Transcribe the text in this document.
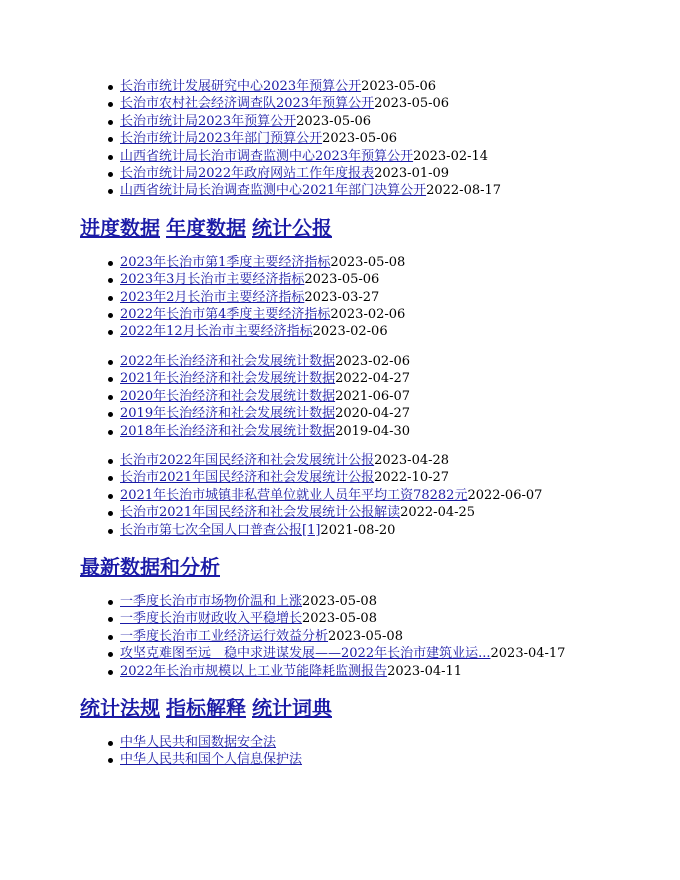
长治市统计发展研究中心2023年预算公开2023-05-06
长治市农村社会经济调查队2023年预算公开2023-05-06
长治市统计局2023年预算公开2023-05-06
长治市统计局2023年部门预算公开2023-05-06
山西省统计局长治市调查监测中心2023年预算公开2023-02-14
长治市统计局2022年政府网站工作年度报表2023-01-09
山西省统计局长治调查监测中心2021年部门决算公开2022-08-17
进度数据 年度数据 统计公报
2023年长治市第1季度主要经济指标2023-05-08
2023年3月长治市主要经济指标2023-05-06
2023年2月长治市主要经济指标2023-03-27
2022年长治市第4季度主要经济指标2023-02-06
2022年12月长治市主要经济指标2023-02-06
2022年长治经济和社会发展统计数据2023-02-06
2021年长治经济和社会发展统计数据2022-04-27
2020年长治经济和社会发展统计数据2021-06-07
2019年长治经济和社会发展统计数据2020-04-27
2018年长治经济和社会发展统计数据2019-04-30
长治市2022年国民经济和社会发展统计公报2023-04-28
长治市2021年国民经济和社会发展统计公报2022-10-27
2021年长治市城镇非私营单位就业人员年平均工资78282元2022-06-07
长治市2021年国民经济和社会发展统计公报解读2022-04-25
长治市第七次全国人口普查公报[1]2021-08-20
最新数据和分析
一季度长治市市场物价温和上涨2023-05-08
一季度长治市财政收入平稳增长2023-05-08
一季度长治市工业经济运行效益分析2023-05-08
攻坚克难图至远　稳中求进谋发展——2022年长治市建筑业运...2023-04-17
2022年长治市规模以上工业节能降耗监测报告2023-04-11
统计法规 指标解释 统计词典
中华人民共和国数据安全法
中华人民共和国个人信息保护法
